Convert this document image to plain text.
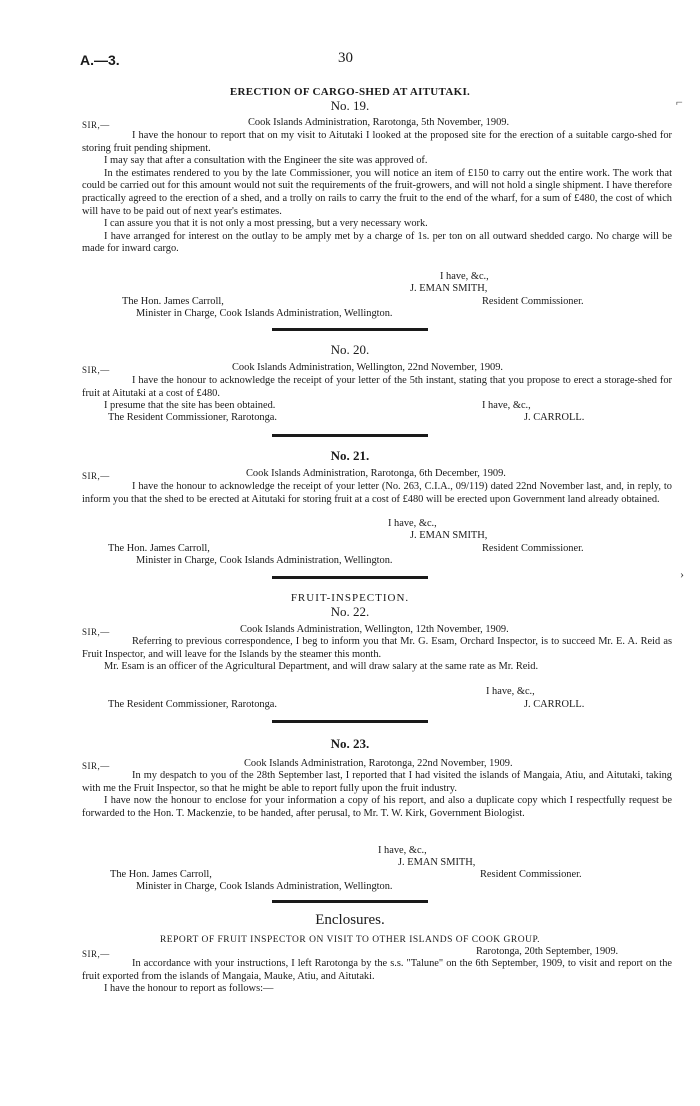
A.—3.	30
⌐
ERECTION OF CARGO-SHED AT AITUTAKI.
No. 19.
SIR,—	Cook Islands Administration, Rarotonga, 5th November, 1909.

I have the honour to report that on my visit to Aitutaki I looked at the proposed site for the erection of a suitable cargo-shed for storing fruit pending shipment.

I may say that after a consultation with the Engineer the site was approved of.

In the estimates rendered to you by the late Commissioner, you will notice an item of £150 to carry out the entire work. The work that could be carried out for this amount would not suit the requirements of the fruit-growers, and will not hold a single shipment. I have therefore practically agreed to the erection of a shed, and a trolly on rails to carry the fruit to the end of the wharf, for a sum of £480, the cost of which will have to be paid out of next year's estimates.

I can assure you that it is not only a most pressing, but a very necessary work.

I have arranged for interest on the outlay to be amply met by a charge of 1s. per ton on all outward shedded cargo. No charge will be made for inward cargo.

I have, &c.,
J. EMAN SMITH,
The Hon. James Carroll,	Resident Commissioner.
Minister in Charge, Cook Islands Administration, Wellington.
No. 20.
SIR,—	Cook Islands Administration, Wellington, 22nd November, 1909.

I have the honour to acknowledge the receipt of your letter of the 5th instant, stating that you propose to erect a storage-shed for fruit at Aitutaki at a cost of £480.

I presume that the site has been obtained.	I have, &c.,
The Resident Commissioner, Rarotonga.	J. CARROLL.
No. 21.
SIR,—	Cook Islands Administration, Rarotonga, 6th December, 1909.

I have the honour to acknowledge the receipt of your letter (No. 263, C.I.A., 09/119) dated 22nd November last, and, in reply, to inform you that the shed to be erected at Aitutaki for storing fruit at a cost of £480 will be erected upon Government land already obtained.

I have, &c.,
J. EMAN SMITH,
The Hon. James Carroll,	Resident Commissioner.
Minister in Charge, Cook Islands Administration, Wellington.
›
FRUIT-INSPECTION.
No. 22.
SIR,—	Cook Islands Administration, Wellington, 12th November, 1909.

Referring to previous correspondence, I beg to inform you that Mr. G. Esam, Orchard Inspector, is to succeed Mr. E. A. Reid as Fruit Inspector, and will leave for the Islands by the steamer this month.

Mr. Esam is an officer of the Agricultural Department, and will draw salary at the same rate as Mr. Reid.

I have, &c.,
The Resident Commissioner, Rarotonga.	J. CARROLL.
No. 23.
SIR,—	Cook Islands Administration, Rarotonga, 22nd November, 1909.

In my despatch to you of the 28th September last, I reported that I had visited the islands of Mangaia, Atiu, and Aitutaki, taking with me the Fruit Inspector, so that he might be able to report fully upon the fruit industry.

I have now the honour to enclose for your information a copy of his report, and also a duplicate copy which I respectfully request be forwarded to the Hon. T. Mackenzie, to be handed, after perusal, to Mr. T. W. Kirk, Government Biologist.

I have, &c.,
J. EMAN SMITH,
The Hon. James Carroll,	Resident Commissioner.
Minister in Charge, Cook Islands Administration, Wellington.
Enclosures.
REPORT OF FRUIT INSPECTOR ON VISIT TO OTHER ISLANDS OF COOK GROUP.
SIR,—	Rarotonga, 20th September, 1909.

In accordance with your instructions, I left Rarotonga by the s.s. "Talune" on the 6th September, 1909, to visit and report on the fruit exported from the islands of Mangaia, Mauke, Atiu, and Aitutaki.

I have the honour to report as follows:—
